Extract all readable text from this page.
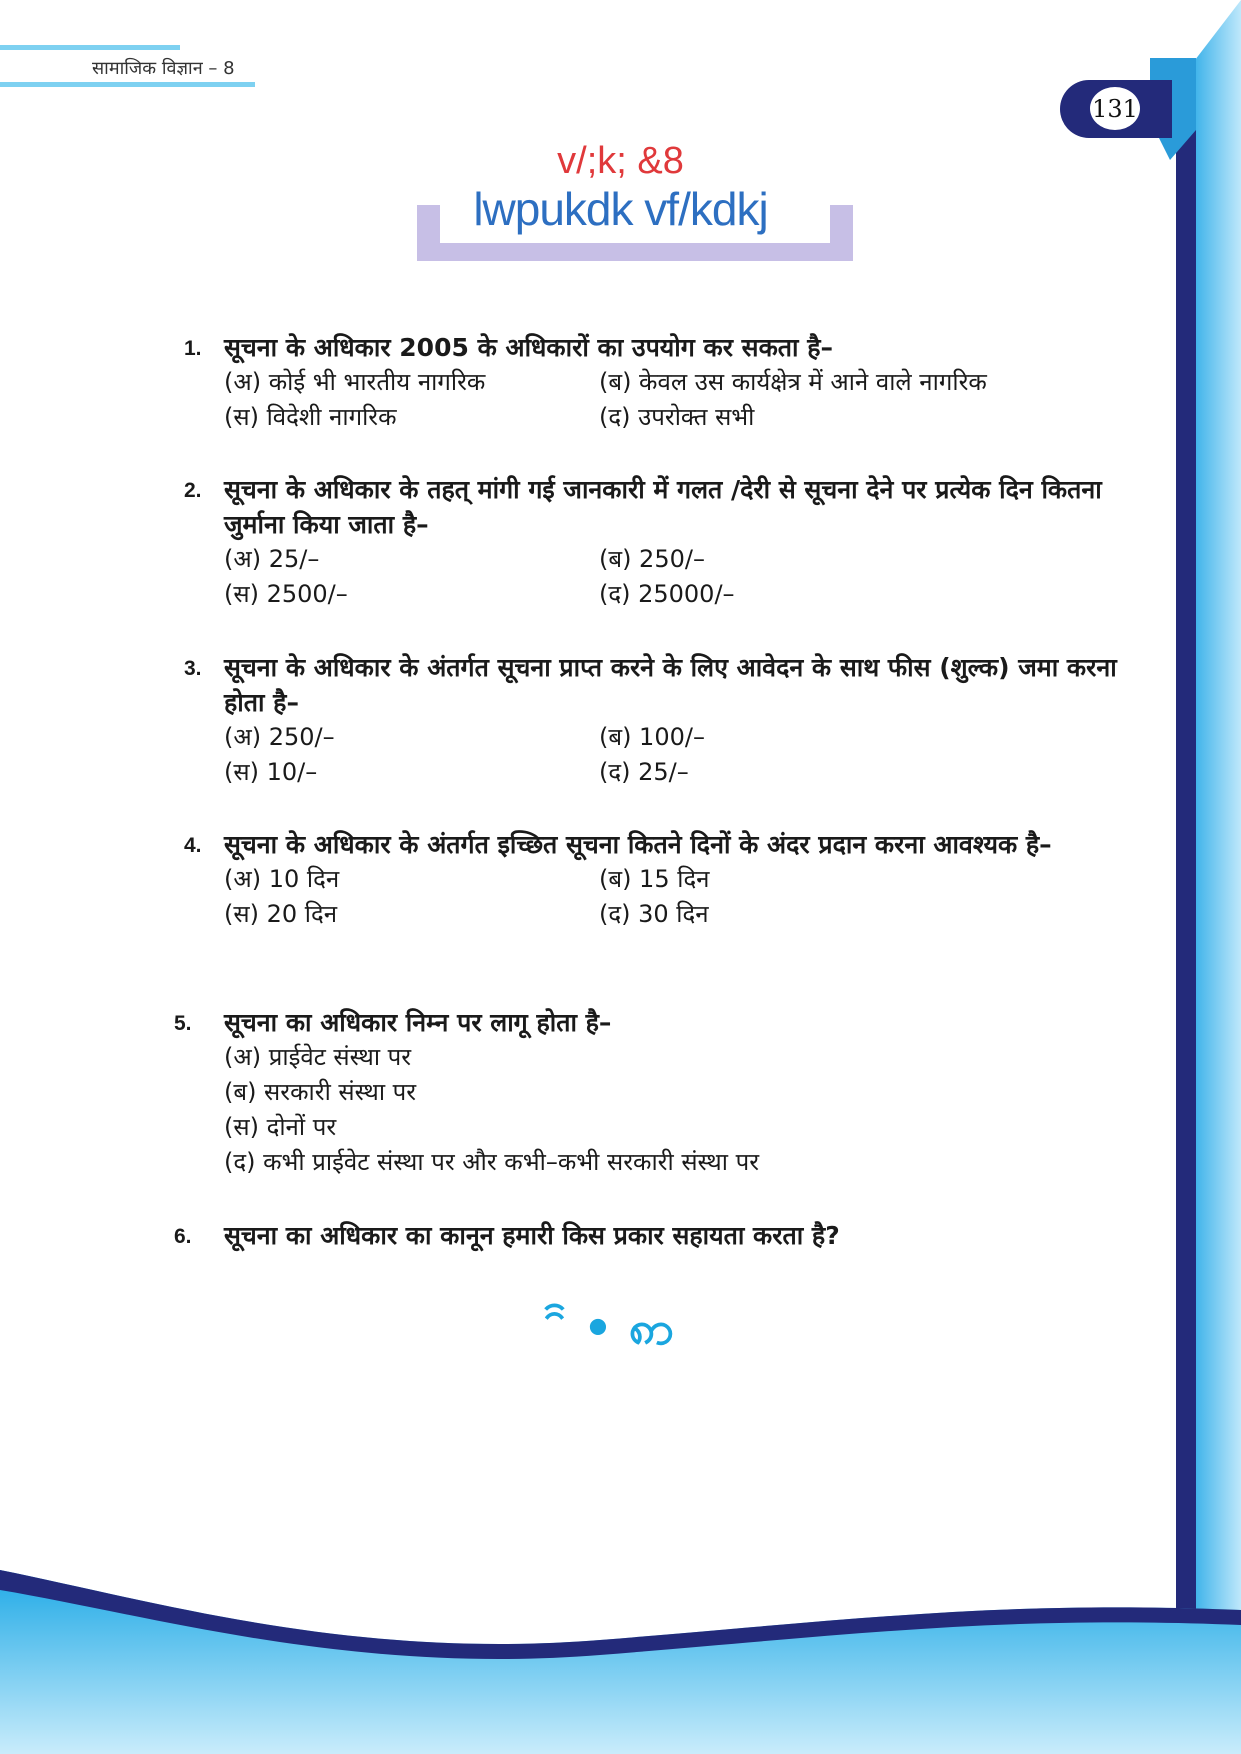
सामाजिक विज्ञान – 8
131
v/;k; &8
lwpukdk vf/kdkj
1. सूचना के अधिकार 2005 के अधिकारों का उपयोग कर सकता है–
(अ) कोई भी भारतीय नागरिक	(ब) केवल उस कार्यक्षेत्र में आने वाले नागरिक
(स) विदेशी नागरिक	(द) उपरोक्त सभी
2. सूचना के अधिकार के तहत् मांगी गई जानकारी में गलत /देरी से सूचना देने पर प्रत्येक दिन कितना जुर्माना किया जाता है–
(अ) 25/–	(ब) 250/–
(स) 2500/–	(द) 25000/–
3. सूचना के अधिकार के अंतर्गत सूचना प्राप्त करने के लिए आवेदन के साथ फीस (शुल्क) जमा करना होता है–
(अ) 250/–	(ब) 100/–
(स) 10/–	(द) 25/–
4. सूचना के अधिकार के अंतर्गत इच्छित सूचना कितने दिनों के अंदर प्रदान करना आवश्यक है–
(अ) 10 दिन	(ब) 15 दिन
(स) 20 दिन	(द) 30 दिन
5. सूचना का अधिकार निम्न पर लागू होता है–
(अ) प्राईवेट संस्था पर
(ब) सरकारी संस्था पर
(स) दोनों पर
(द) कभी प्राईवेट संस्था पर और कभी–कभी सरकारी संस्था पर
6. सूचना का अधिकार का कानून हमारी किस प्रकार सहायता करता है?
ꩰ • ꩱ
